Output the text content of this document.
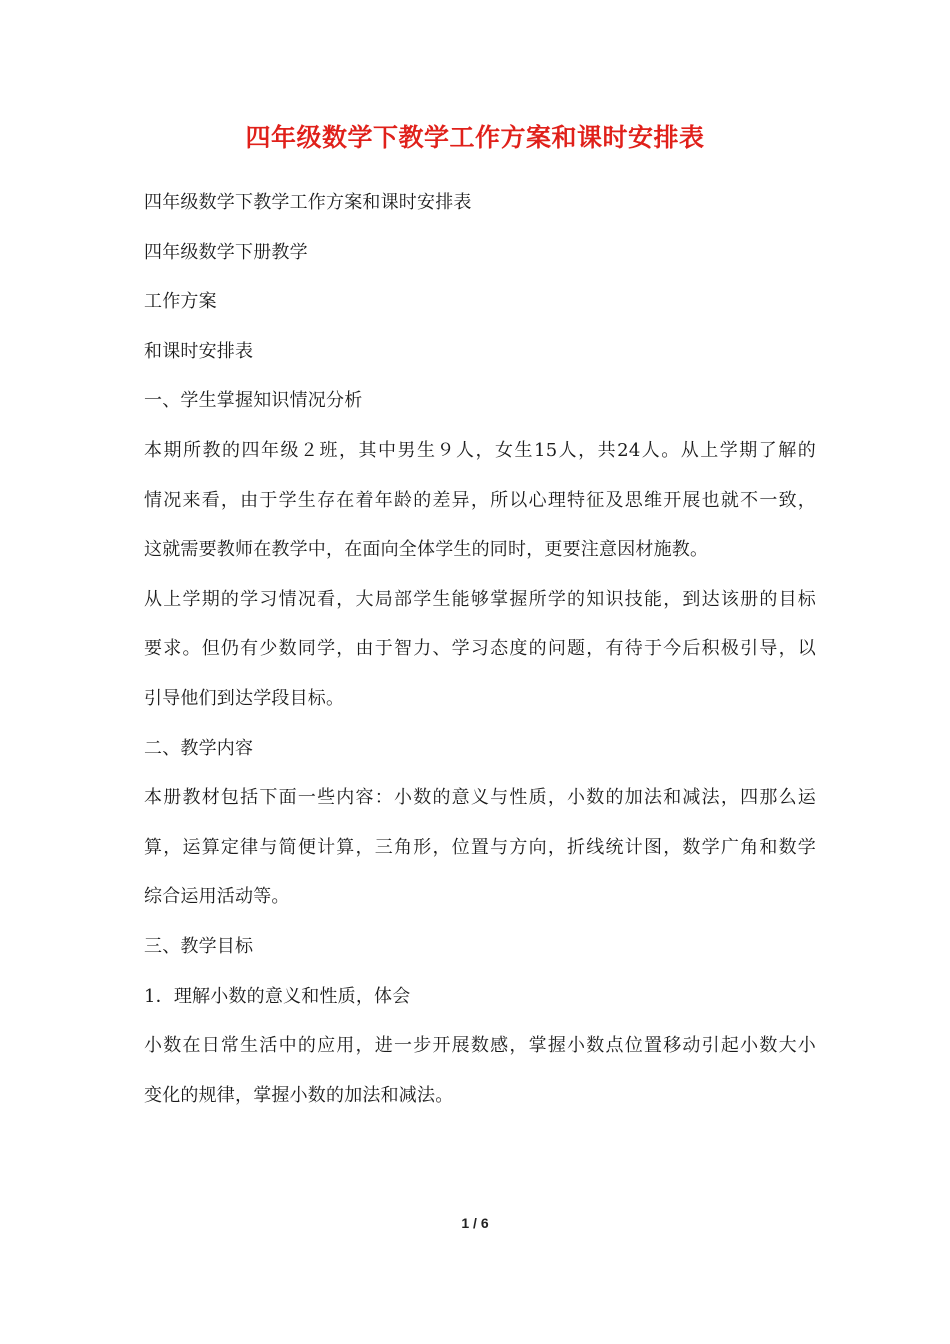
四年级数学下教学工作方案和课时安排表
四年级数学下教学工作方案和课时安排表
四年级数学下册教学
工作方案
和课时安排表
一、学生掌握知识情况分析
本期所教的四年级２班，其中男生９人，女生15人，共24人。从上学期了解的
情况来看，由于学生存在着年龄的差异，所以心理特征及思维开展也就不一致，
这就需要教师在教学中，在面向全体学生的同时，更要注意因材施教。
从上学期的学习情况看，大局部学生能够掌握所学的知识技能，到达该册的目标
要求。但仍有少数同学，由于智力、学习态度的问题，有待于今后积极引导，以
引导他们到达学段目标。
二、教学内容
本册教材包括下面一些内容：小数的意义与性质，小数的加法和减法，四那么运
算，运算定律与简便计算，三角形，位置与方向，折线统计图，数学广角和数学
综合运用活动等。
三、教学目标
1．理解小数的意义和性质，体会
小数在日常生活中的应用，进一步开展数感，掌握小数点位置移动引起小数大小
变化的规律，掌握小数的加法和减法。
1 / 6
